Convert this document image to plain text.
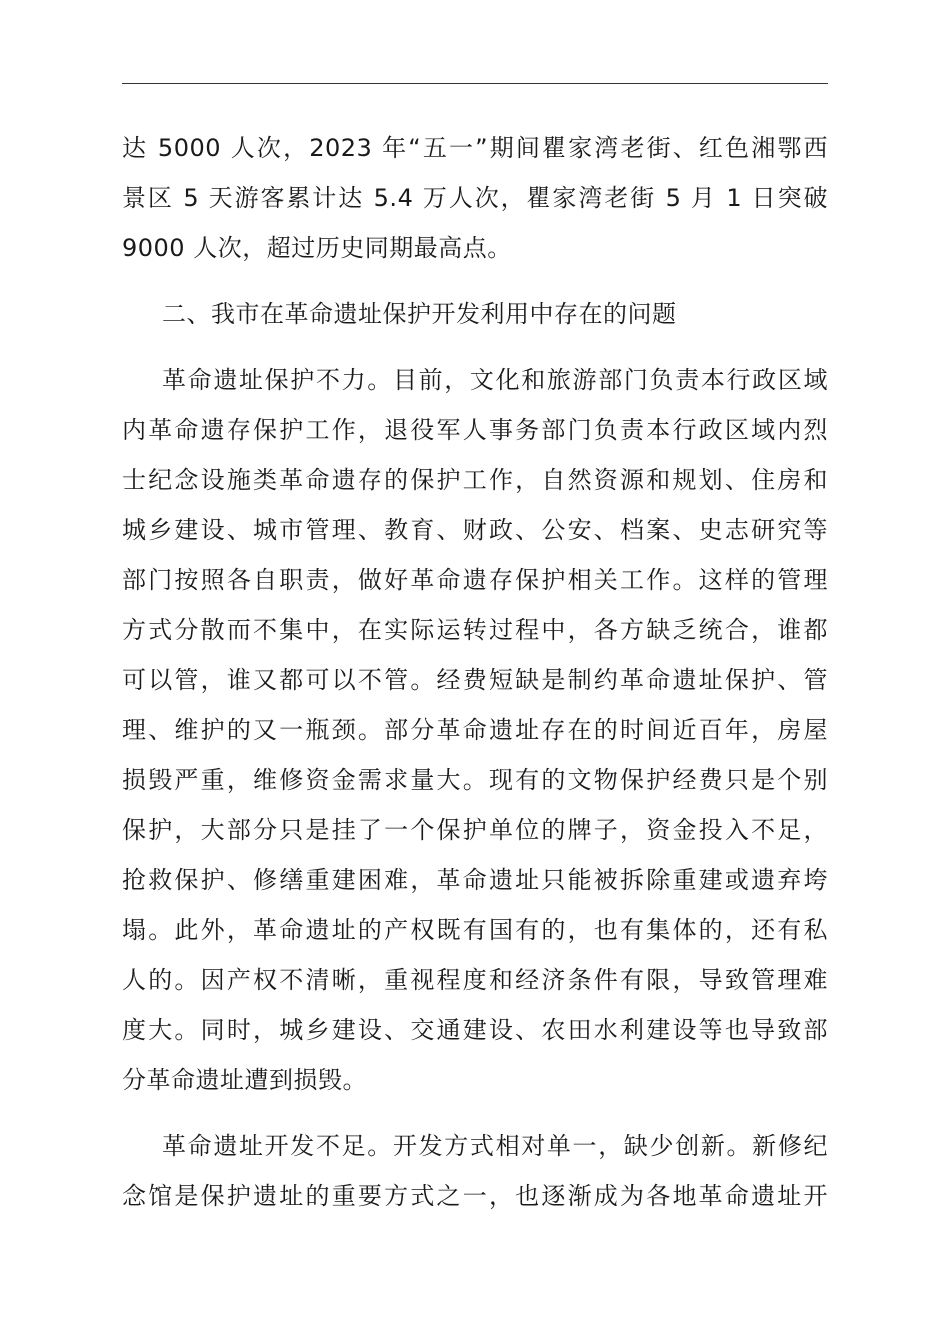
达 5000 人次，2023 年“五一”期间瞿家湾老街、红色湘鄂西
景区 5 天游客累计达 5.4 万人次，瞿家湾老街 5 月 1 日突破
9000 人次，超过历史同期最高点。
二、我市在革命遗址保护开发利用中存在的问题
革命遗址保护不力。目前，文化和旅游部门负责本行政区域
内革命遗存保护工作，退役军人事务部门负责本行政区域内烈
士纪念设施类革命遗存的保护工作，自然资源和规划、住房和
城乡建设、城市管理、教育、财政、公安、档案、史志研究等
部门按照各自职责，做好革命遗存保护相关工作。这样的管理
方式分散而不集中，在实际运转过程中，各方缺乏统合，谁都
可以管，谁又都可以不管。经费短缺是制约革命遗址保护、管
理、维护的又一瓶颈。部分革命遗址存在的时间近百年，房屋
损毁严重，维修资金需求量大。现有的文物保护经费只是个别
保护，大部分只是挂了一个保护单位的牌子，资金投入不足，
抢救保护、修缮重建困难，革命遗址只能被拆除重建或遗弃垮
塌。此外，革命遗址的产权既有国有的，也有集体的，还有私
人的。因产权不清晰，重视程度和经济条件有限，导致管理难
度大。同时，城乡建设、交通建设、农田水利建设等也导致部
分革命遗址遭到损毁。
革命遗址开发不足。开发方式相对单一，缺少创新。新修纪
念馆是保护遗址的重要方式之一，也逐渐成为各地革命遗址开
